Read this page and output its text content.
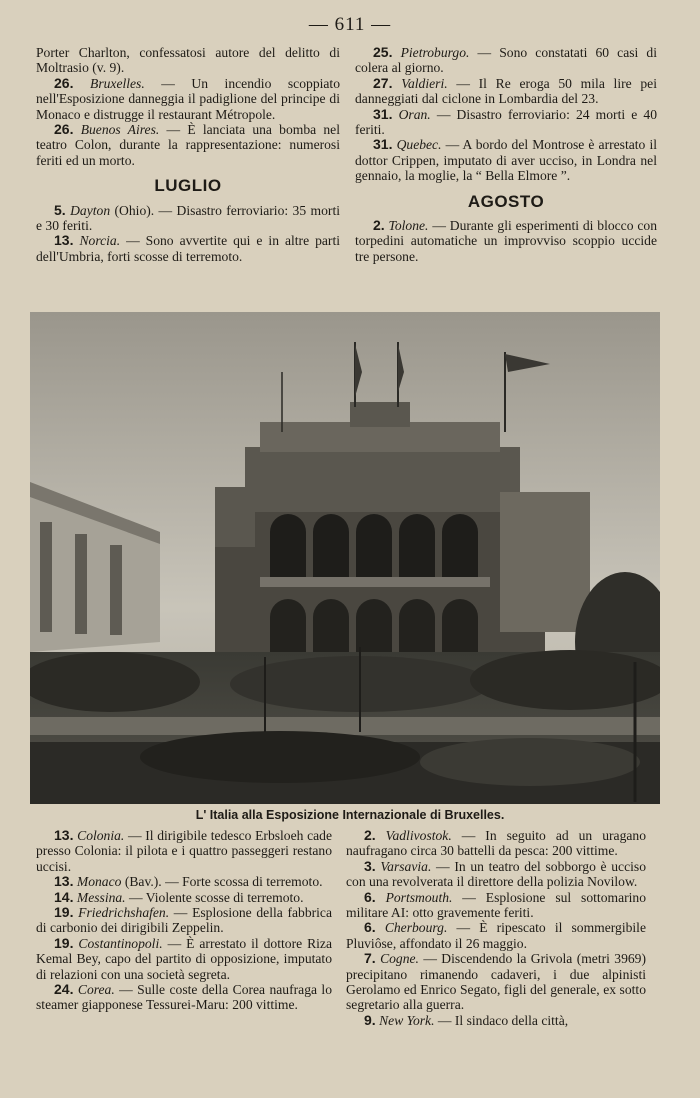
— 611 —

Porter Charlton, confessatosi autore del delitto di Moltrasio (v. 9).

26. Bruxelles. — Un incendio scoppiato nell'Esposizione danneggia il padiglione del principe di Monaco e distrugge il restaurant Métropole.

26. Buenos Aires. — È lanciata una bomba nel teatro Colon, durante la rappresentazione: numerosi feriti ed un morto.

LUGLIO

5. Dayton (Ohio). — Disastro ferroviario: 35 morti e 30 feriti.

13. Norcia. — Sono avvertite qui e in altre parti dell'Umbria, forti scosse di terremoto.

25. Pietroburgo. — Sono constatati 60 casi di colera al giorno.

27. Valdieri. — Il Re eroga 50 mila lire pei danneggiati dal ciclone in Lombardia del 23.

31. Oran. — Disastro ferroviario: 24 morti e 40 feriti.

31. Quebec. — A bordo del Montrose è arrestato il dottor Crippen, imputato di aver ucciso, in Londra nel gennaio, la moglie, la “ Bella Elmore ”.

AGOSTO

2. Tolone. — Durante gli esperimenti di blocco con torpedini automatiche un improvviso scoppio uccide tre persone.

L' Italia alla Esposizione Internazionale di Bruxelles.

13. Colonia. — Il dirigibile tedesco Erbsloeh cade presso Colonia: il pilota e i quattro passeggeri restano uccisi.

13. Monaco (Bav.). — Forte scossa di terremoto.

14. Messina. — Violente scosse di terremoto.

19. Friedrichshafen. — Esplosione della fabbrica di carbonio dei dirigibili Zeppelin.

19. Costantinopoli. — È arrestato il dottore Riza Kemal Bey, capo del partito di opposizione, imputato di relazioni con una società segreta.

24. Corea. — Sulle coste della Corea naufraga lo steamer giapponese Tessurei-Maru: 200 vittime.

2. Vadlivostok. — In seguito ad un uragano naufragano circa 30 battelli da pesca: 200 vittime.

3. Varsavia. — In un teatro del sobborgo è ucciso con una revolverata il direttore della polizia Novilow.

6. Portsmouth. — Esplosione sul sottomarino militare AI: otto gravemente feriti.

6. Cherbourg. — È ripescato il sommergibile Pluviôse, affondato il 26 maggio.

7. Cogne. — Discendendo la Grivola (metri 3969) precipitano rimanendo cadaveri, i due alpinisti Gerolamo ed Enrico Segato, figli del generale, ex sotto segretario alla guerra.

9. New York. — Il sindaco della città,
